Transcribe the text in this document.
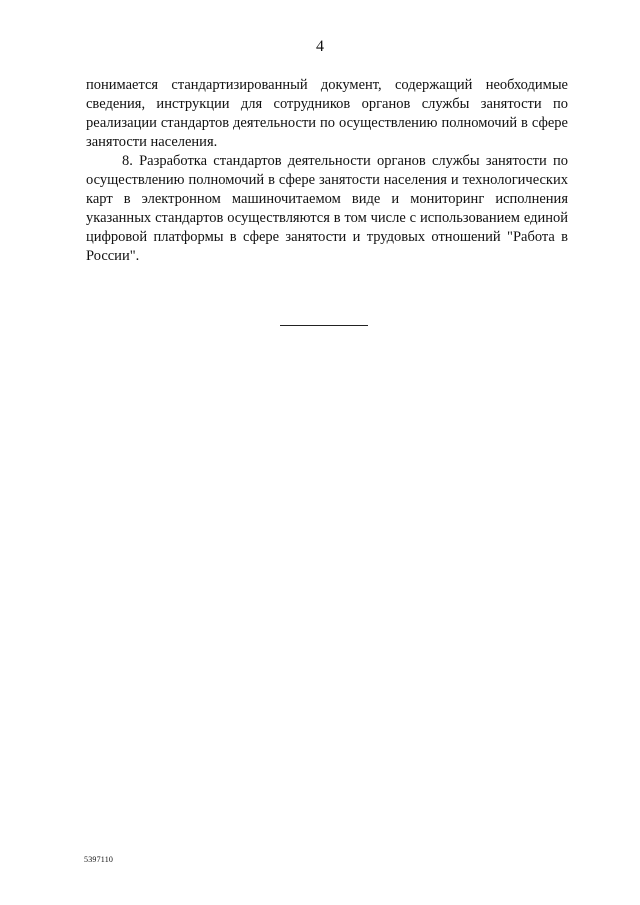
4

понимается стандартизированный документ, содержащий необходимые сведения, инструкции для сотрудников органов службы занятости по реализации стандартов деятельности по осуществлению полномочий в сфере занятости населения.

8. Разработка стандартов деятельности органов службы занятости по осуществлению полномочий в сфере занятости населения и технологических карт в электронном машиночитаемом виде и мониторинг исполнения указанных стандартов осуществляются в том числе с использованием единой цифровой платформы в сфере занятости и трудовых отношений "Работа в России".

5397110
